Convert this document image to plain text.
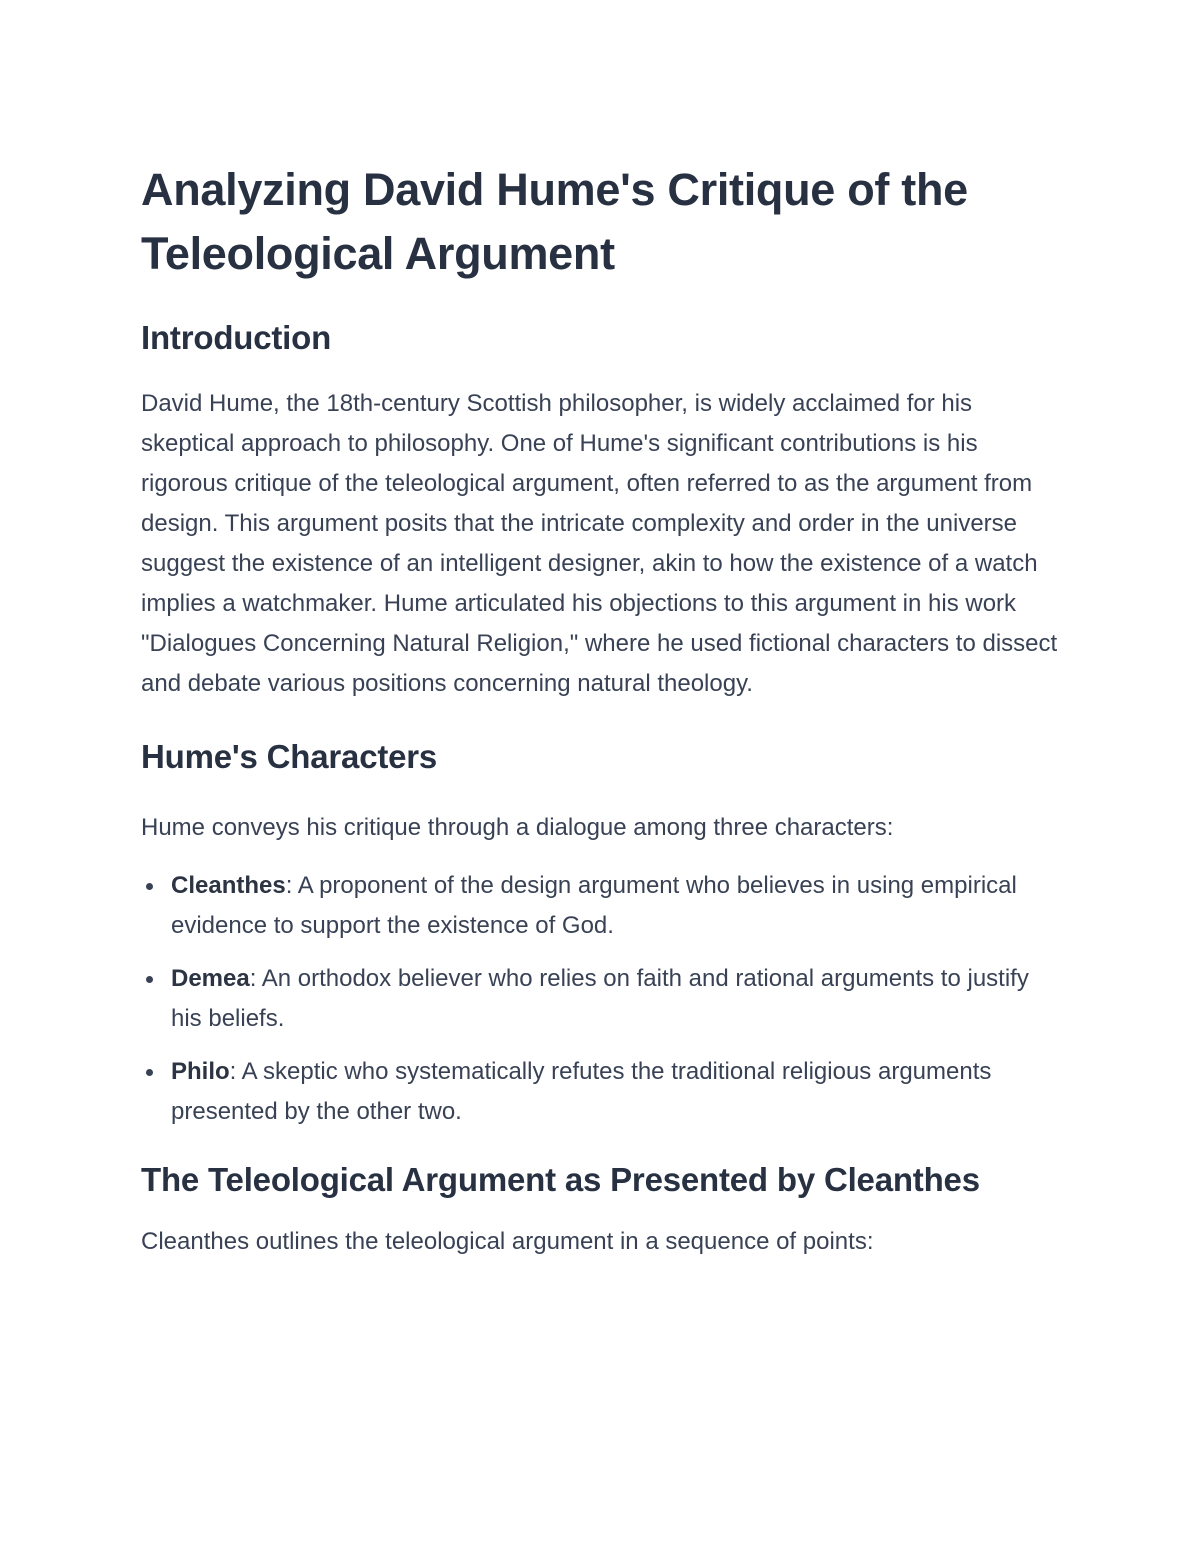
Analyzing David Hume's Critique of the Teleological Argument
Introduction

David Hume, the 18th-century Scottish philosopher, is widely acclaimed for his skeptical approach to philosophy. One of Hume's significant contributions is his rigorous critique of the teleological argument, often referred to as the argument from design. This argument posits that the intricate complexity and order in the universe suggest the existence of an intelligent designer, akin to how the existence of a watch implies a watchmaker. Hume articulated his objections to this argument in his work "Dialogues Concerning Natural Religion," where he used fictional characters to dissect and debate various positions concerning natural theology.

Hume's Characters

Hume conveys his critique through a dialogue among three characters:

Cleanthes: A proponent of the design argument who believes in using empirical evidence to support the existence of God.
Demea: An orthodox believer who relies on faith and rational arguments to justify his beliefs.
Philo: A skeptic who systematically refutes the traditional religious arguments presented by the other two.
The Teleological Argument as Presented by Cleanthes

Cleanthes outlines the teleological argument in a sequence of points:
